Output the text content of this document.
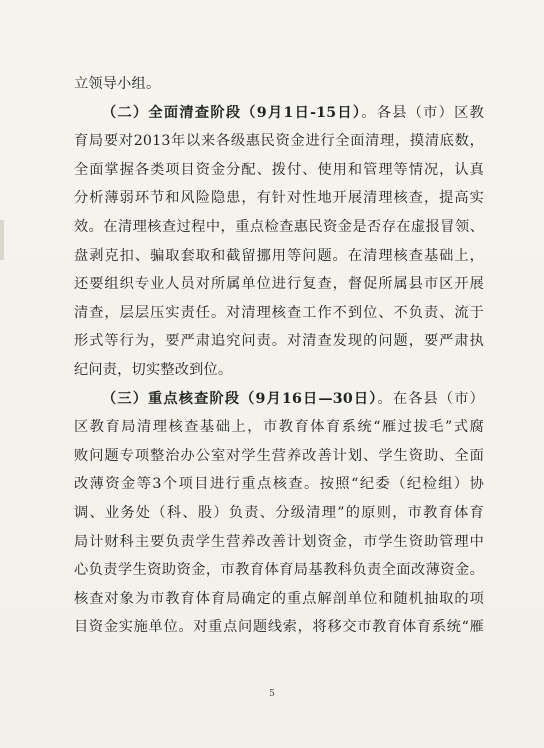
立领导小组。
（二）全面清查阶段（9月1日-15日）。各县（市）区教
育局要对2013年以来各级惠民资金进行全面清理，摸清底数，
全面掌握各类项目资金分配、拨付、使用和管理等情况，认真
分析薄弱环节和风险隐患，有针对性地开展清理核查，提高实
效。在清理核查过程中，重点检查惠民资金是否存在虚报冒领、
盘剥克扣、骗取套取和截留挪用等问题。在清理核查基础上，
还要组织专业人员对所属单位进行复查，督促所属县市区开展
清查，层层压实责任。对清理核查工作不到位、不负责、流于
形式等行为，要严肃追究问责。对清查发现的问题，要严肃执
纪问责，切实整改到位。
（三）重点核查阶段（9月16日—30日）。在各县（市）
区教育局清理核查基础上，市教育体育系统“雁过拔毛”式腐
败问题专项整治办公室对学生营养改善计划、学生资助、全面
改薄资金等3个项目进行重点核查。按照“纪委（纪检组）协
调、业务处（科、股）负责、分级清理”的原则，市教育体育
局计财科主要负责学生营养改善计划资金，市学生资助管理中
心负责学生资助资金，市教育体育局基教科负责全面改薄资金。
核查对象为市教育体育局确定的重点解剖单位和随机抽取的项
目资金实施单位。对重点问题线索，将移交市教育体育系统“雁
5
